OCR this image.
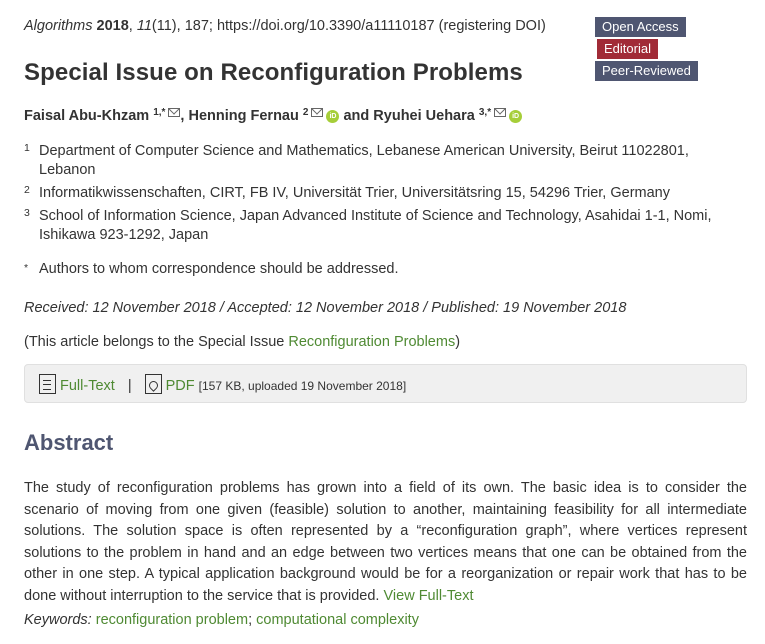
Algorithms 2018, 11(11), 187; https://doi.org/10.3390/a11110187 (registering DOI)	Open AccessEditorial
Peer-Reviewed
Special Issue on Reconfiguration Problems
Faisal Abu-Khzam $^{1,*}$ , Henning Fernau $^2$	iD and Ryuhei Uehara $^{3,*}$	iD
1 Department of Computer Science and Mathematics, Lebanese American University, Beirut 11022801, Lebanon
2 Informatikwissenschaften, CIRT, FB IV, Universität Trier, Universitätsring 15, 54296 Trier, Germany
3 School of Information Science, Japan Advanced Institute of Science and Technology, Asahidai 1-1, Nomi, Ishikawa 923-1292, Japan
* Authors to whom correspondence should be addressed.
Received: 12 November 2018 / Accepted: 12 November 2018 / Published: 19 November 2018
(This article belongs to the Special Issue Reconfiguration Problems)
Full-Text | PDF [157 KB, uploaded 19 November 2018]
Abstract
The study of reconfiguration problems has grown into a field of its own. The basic idea is to consider the scenario of moving from one given (feasible) solution to another, maintaining feasibility for all intermediate solutions. The solution space is often represented by a “reconfiguration graph”, where vertices represent solutions to the problem in hand and an edge between two vertices means that one can be obtained from the other in one step. A typical application background would be for a reorganization or repair work that has to be done without interruption to the service that is provided. View Full-Text
Keywords: reconfiguration problem; computational complexity
